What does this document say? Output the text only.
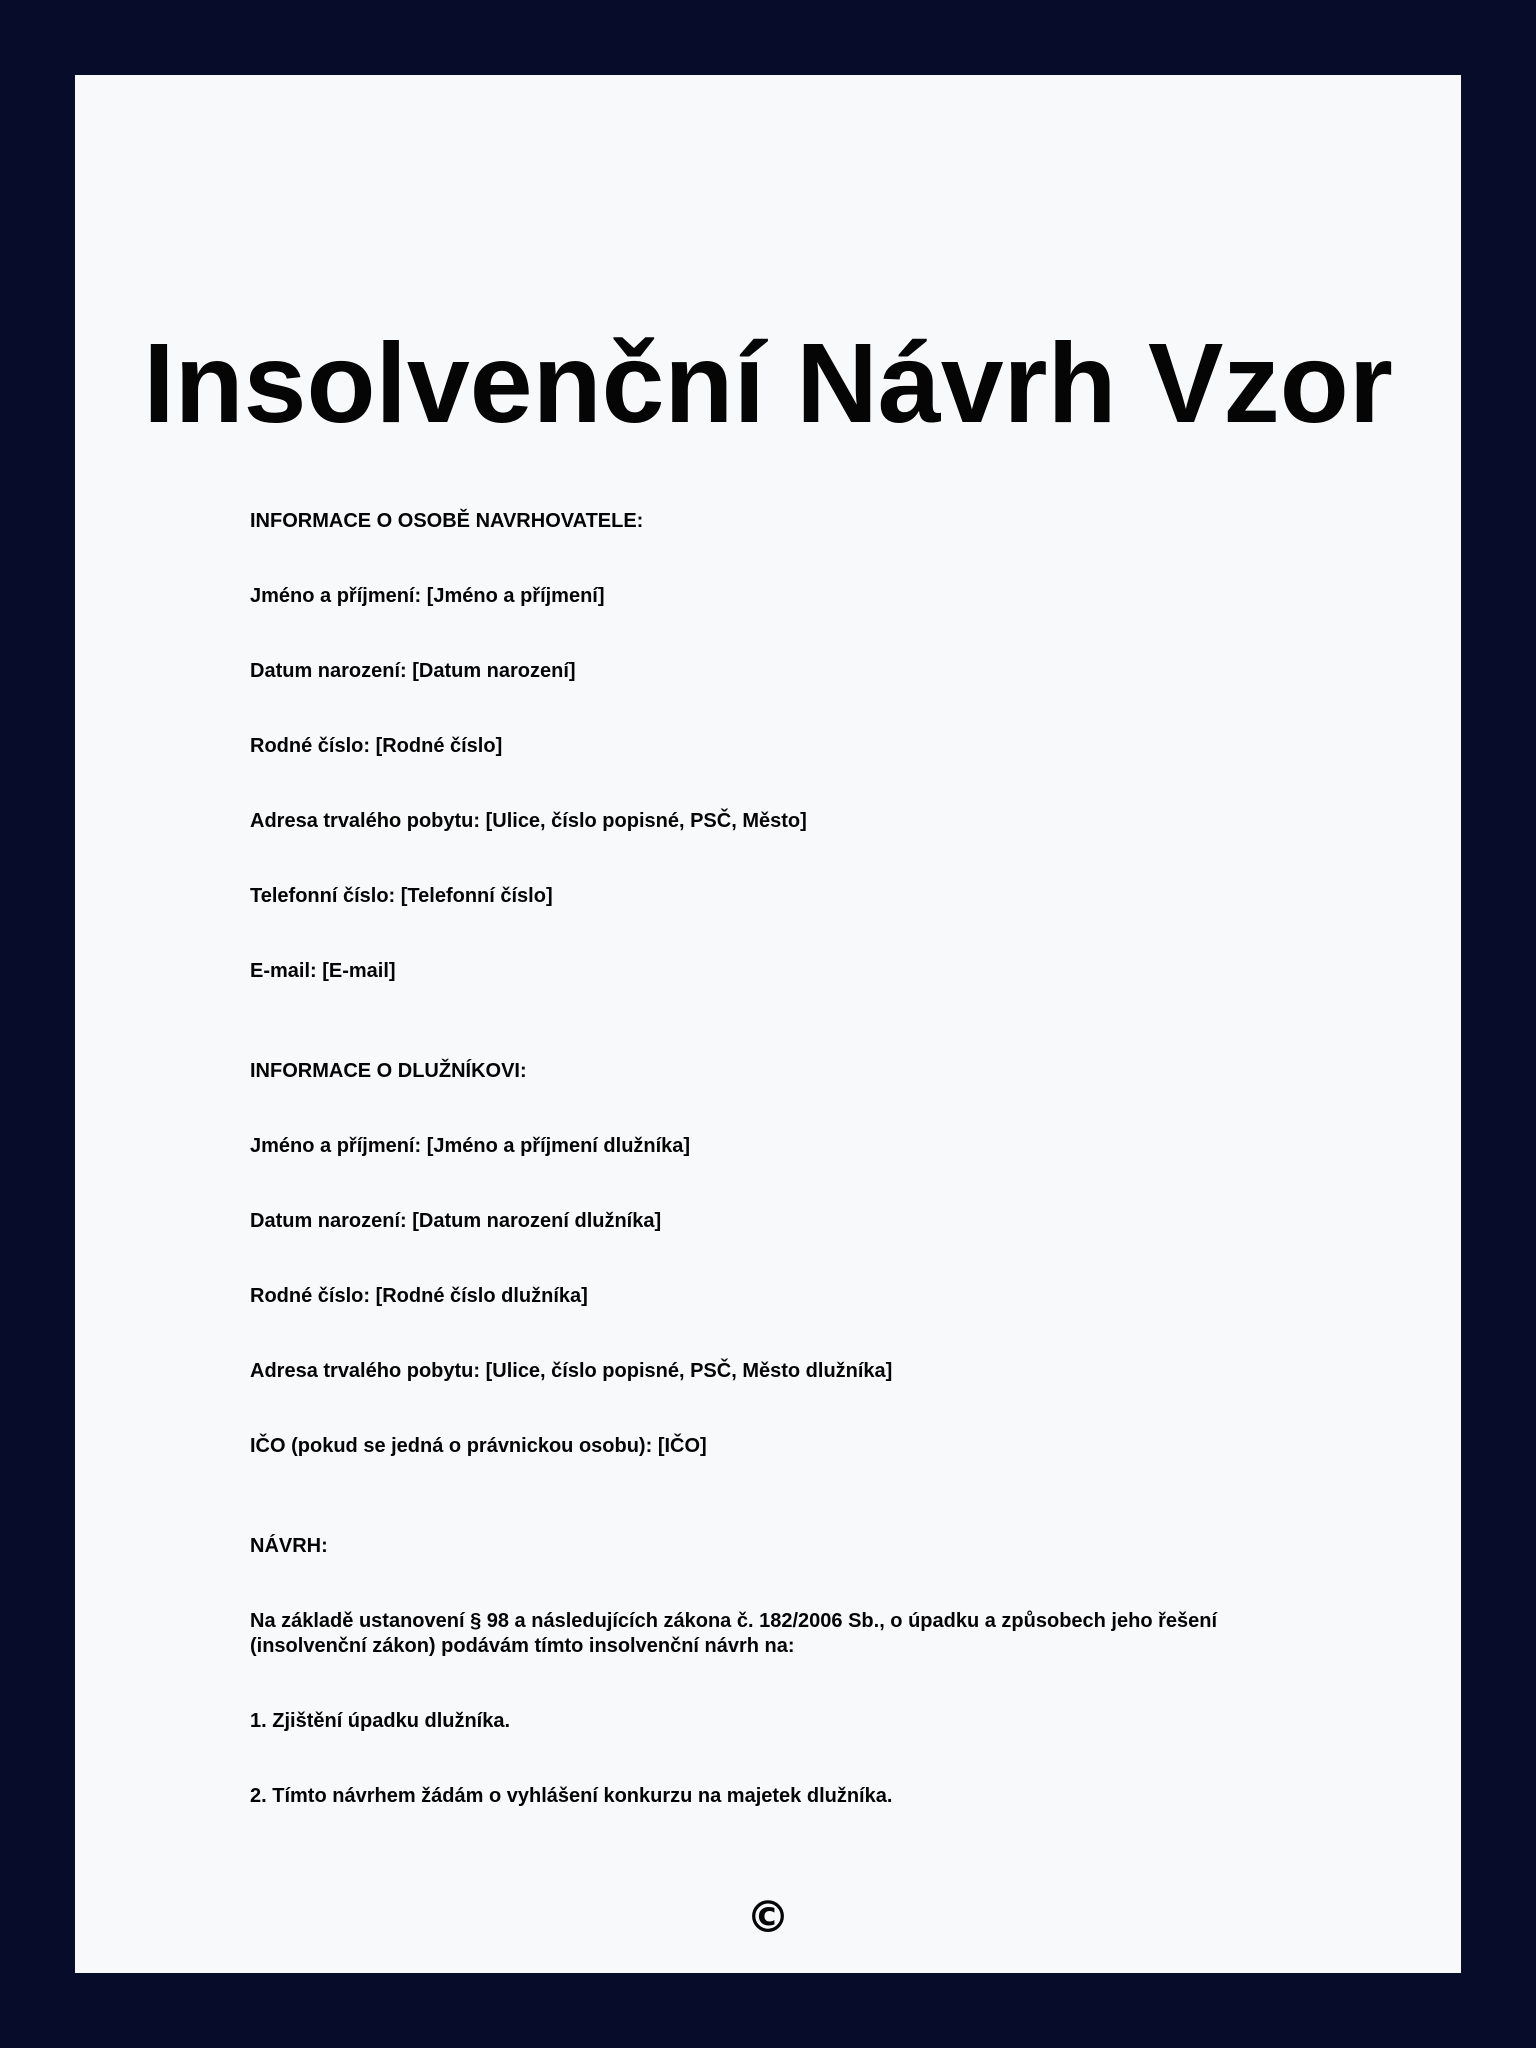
Insolvenční Návrh Vzor

INFORMACE O OSOBĚ NAVRHOVATELE:

Jméno a příjmení: [Jméno a příjmení]

Datum narození: [Datum narození]

Rodné číslo: [Rodné číslo]

Adresa trvalého pobytu: [Ulice, číslo popisné, PSČ, Město]

Telefonní číslo: [Telefonní číslo]

E-mail: [E-mail]

INFORMACE O DLUŽNÍKOVI:

Jméno a příjmení: [Jméno a příjmení dlužníka]

Datum narození: [Datum narození dlužníka]

Rodné číslo: [Rodné číslo dlužníka]

Adresa trvalého pobytu: [Ulice, číslo popisné, PSČ, Město dlužníka]

IČO (pokud se jedná o právnickou osobu): [IČO]

NÁVRH:

Na základě ustanovení § 98 a následujících zákona č. 182/2006 Sb., o úpadku a způsobech jeho řešení (insolvenční zákon) podávám tímto insolvenční návrh na:

1. Zjištění úpadku dlužníka.

2. Tímto návrhem žádám o vyhlášení konkurzu na majetek dlužníka.

©
